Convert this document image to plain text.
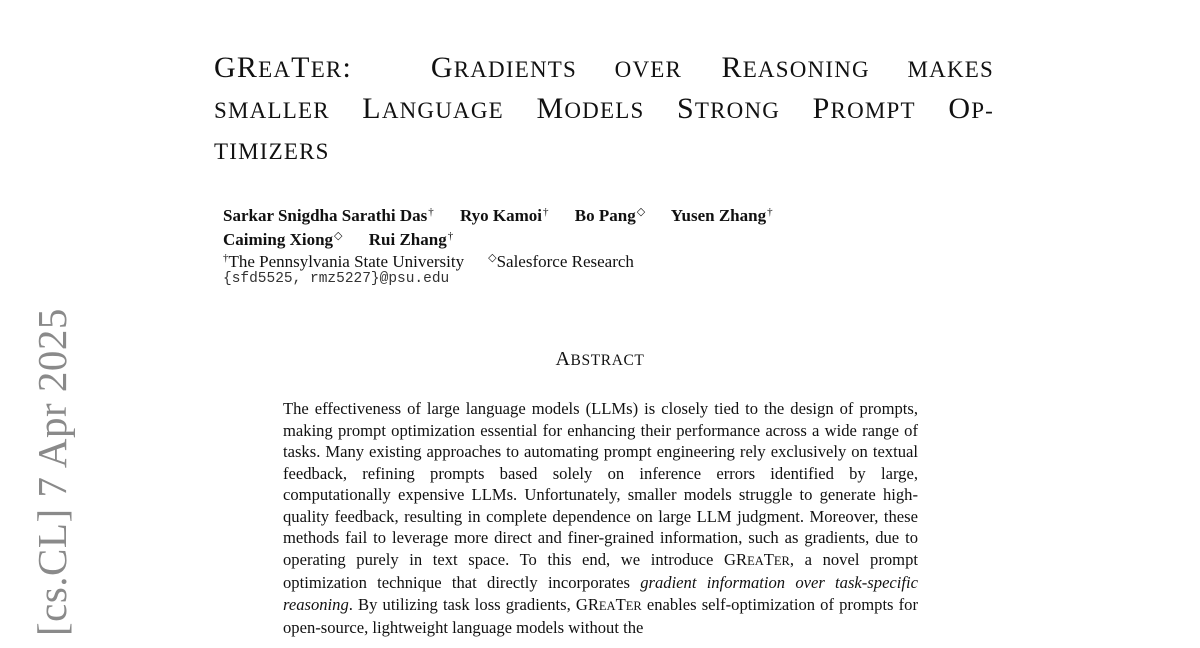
[cs.CL] 7 Apr 2025
GREATER:  GRADIENTS OVER REASONING MAKES
SMALLER LANGUAGE MODELS STRONG PROMPT OP-
TIMIZERS
Sarkar Snigdha Sarathi Das† Ryo Kamoi† Bo Pang◇ Yusen Zhang†
Caiming Xiong◇ Rui Zhang†
†The Pennsylvania State University ◇Salesforce Research
{sfd5525, rmz5227}@psu.edu
ABSTRACT
The effectiveness of large language models (LLMs) is closely tied to the design of prompts, making prompt optimization essential for enhancing their performance across a wide range of tasks. Many existing approaches to automating prompt engineering rely exclusively on textual feedback, refining prompts based solely on inference errors identified by large, computationally expensive LLMs. Unfortunately, smaller models struggle to generate high-quality feedback, resulting in complete dependence on large LLM judgment. Moreover, these methods fail to leverage more direct and finer-grained information, such as gradients, due to operating purely in text space. To this end, we introduce GREATER, a novel prompt optimization technique that directly incorporates gradient information over task-specific reasoning. By utilizing task loss gradients, GREATER enables self-optimization of prompts for open-source, lightweight language models without the
